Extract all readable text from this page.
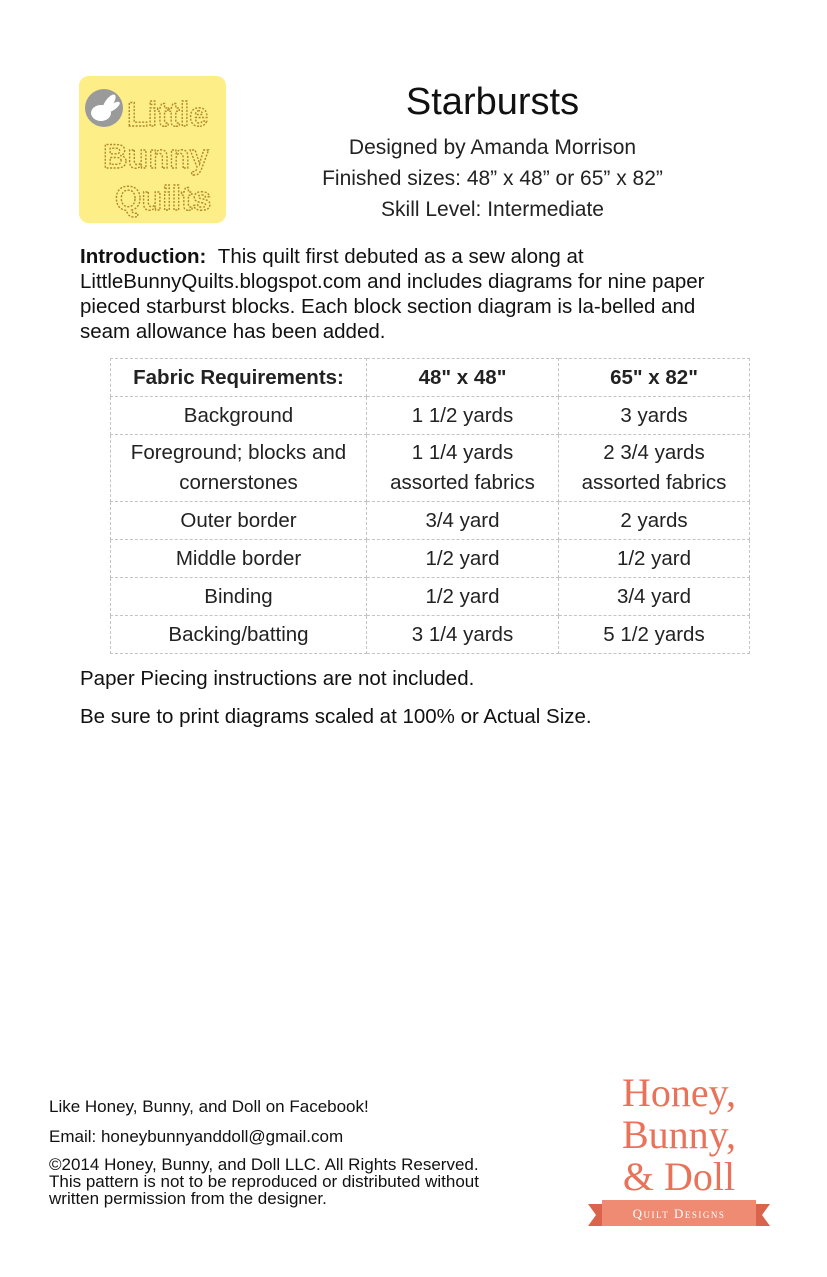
Little
Bunny
Quilts
Starbursts
Designed by Amanda Morrison
Finished sizes: 48” x 48” or 65” x 82”
Skill Level: Intermediate
Introduction: This quilt first debuted as a sew along at LittleBunnyQuilts.blogspot.com and includes diagrams for nine paper pieced starburst blocks. Each block section diagram is la-belled and seam allowance has been added.
Fabric Requirements:	48" x 48"	65" x 82"
Background	1 1/2 yards	3 yards
Foreground; blocks and cornerstones	1 1/4 yards assorted fabrics	2 3/4 yards assorted fabrics
Outer border	3/4 yard	2 yards
Middle border	1/2 yard	1/2 yard
Binding	1/2 yard	3/4 yard
Backing/batting	3 1/4 yards	5 1/2 yards

Paper Piecing instructions are not included.

Be sure to print diagrams scaled at 100% or Actual Size.

Like Honey, Bunny, and Doll on Facebook!
Email: honeybunnyanddoll@gmail.com
©2014 Honey, Bunny, and Doll LLC. All Rights Reserved.
This pattern is not to be reproduced or distributed without
written permission from the designer.
Honey,
Bunny,
& Doll
Quilt Designs
